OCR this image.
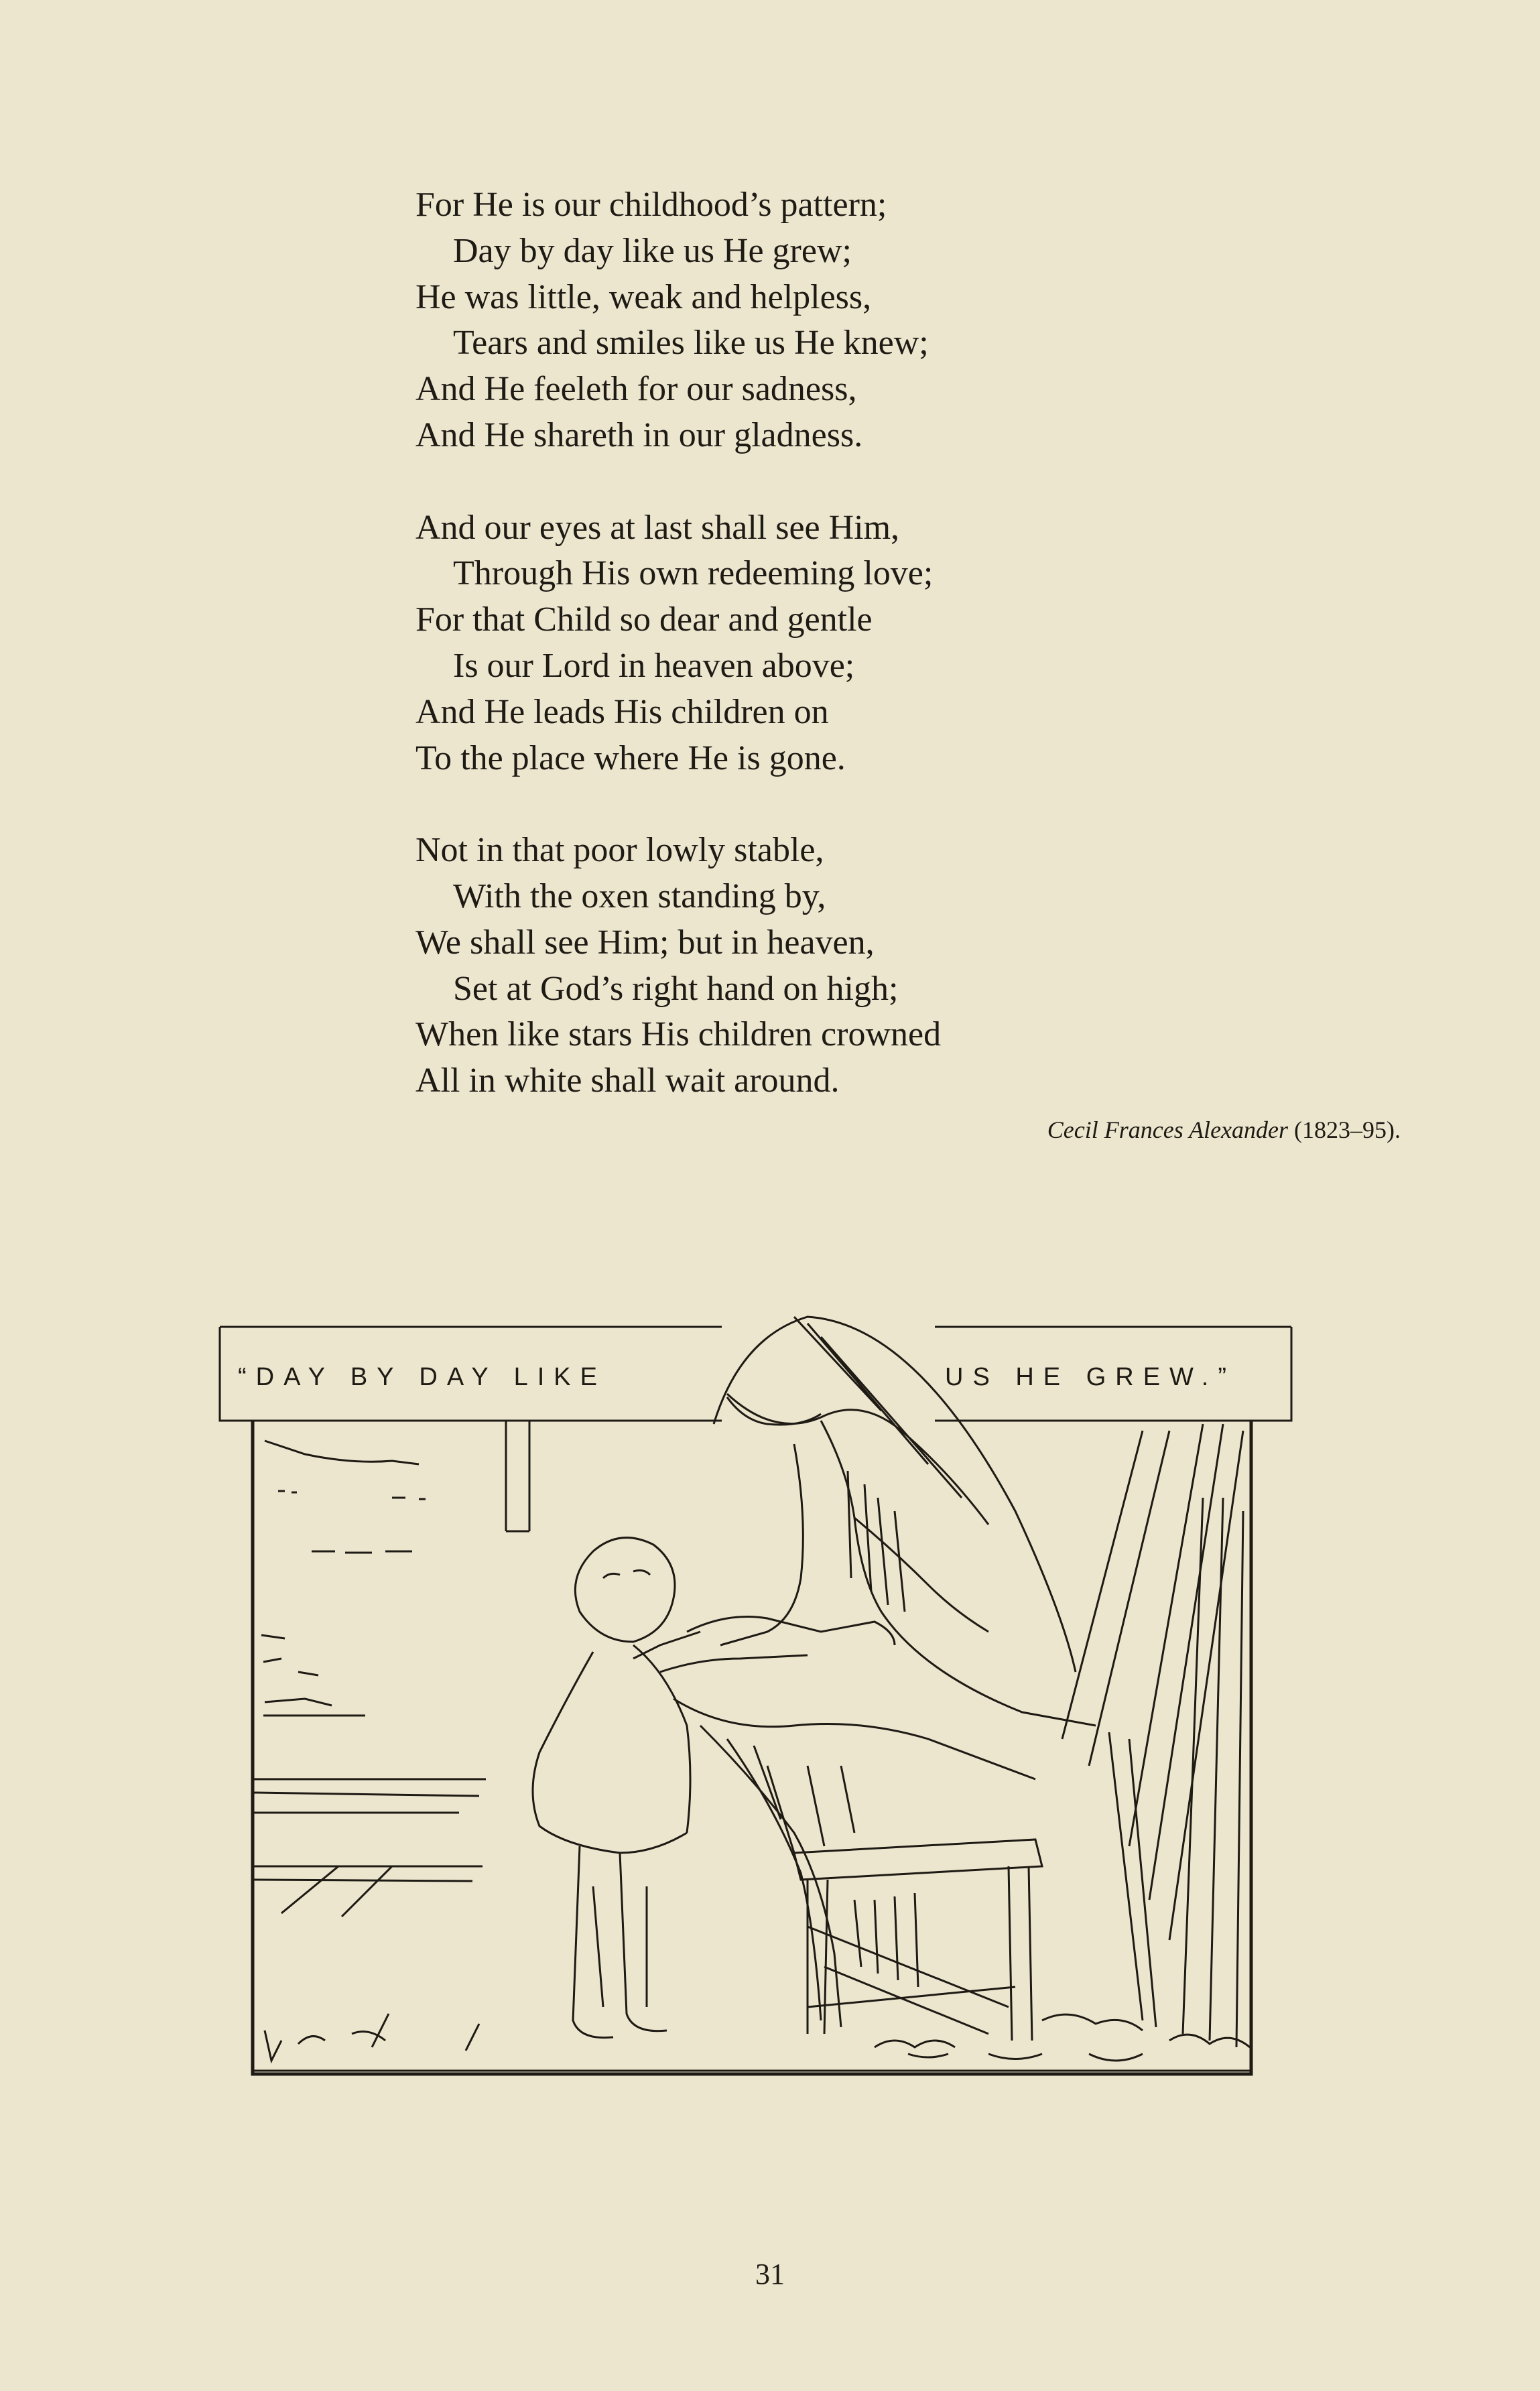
For He is our childhood’s pattern;
Day by day like us He grew;
He was little, weak and helpless,
Tears and smiles like us He knew;
And He feeleth for our sadness,
And He shareth in our gladness.
And our eyes at last shall see Him,
Through His own redeeming love;
For that Child so dear and gentle
Is our Lord in heaven above;
And He leads His children on
To the place where He is gone.
Not in that poor lowly stable,
With the oxen standing by,
We shall see Him; but in heaven,
Set at God’s right hand on high;
When like stars His children crowned
All in white shall wait around.
Cecil Frances Alexander (1823–95).
“DAY BY DAY LIKE	US HE GREW.”
31
